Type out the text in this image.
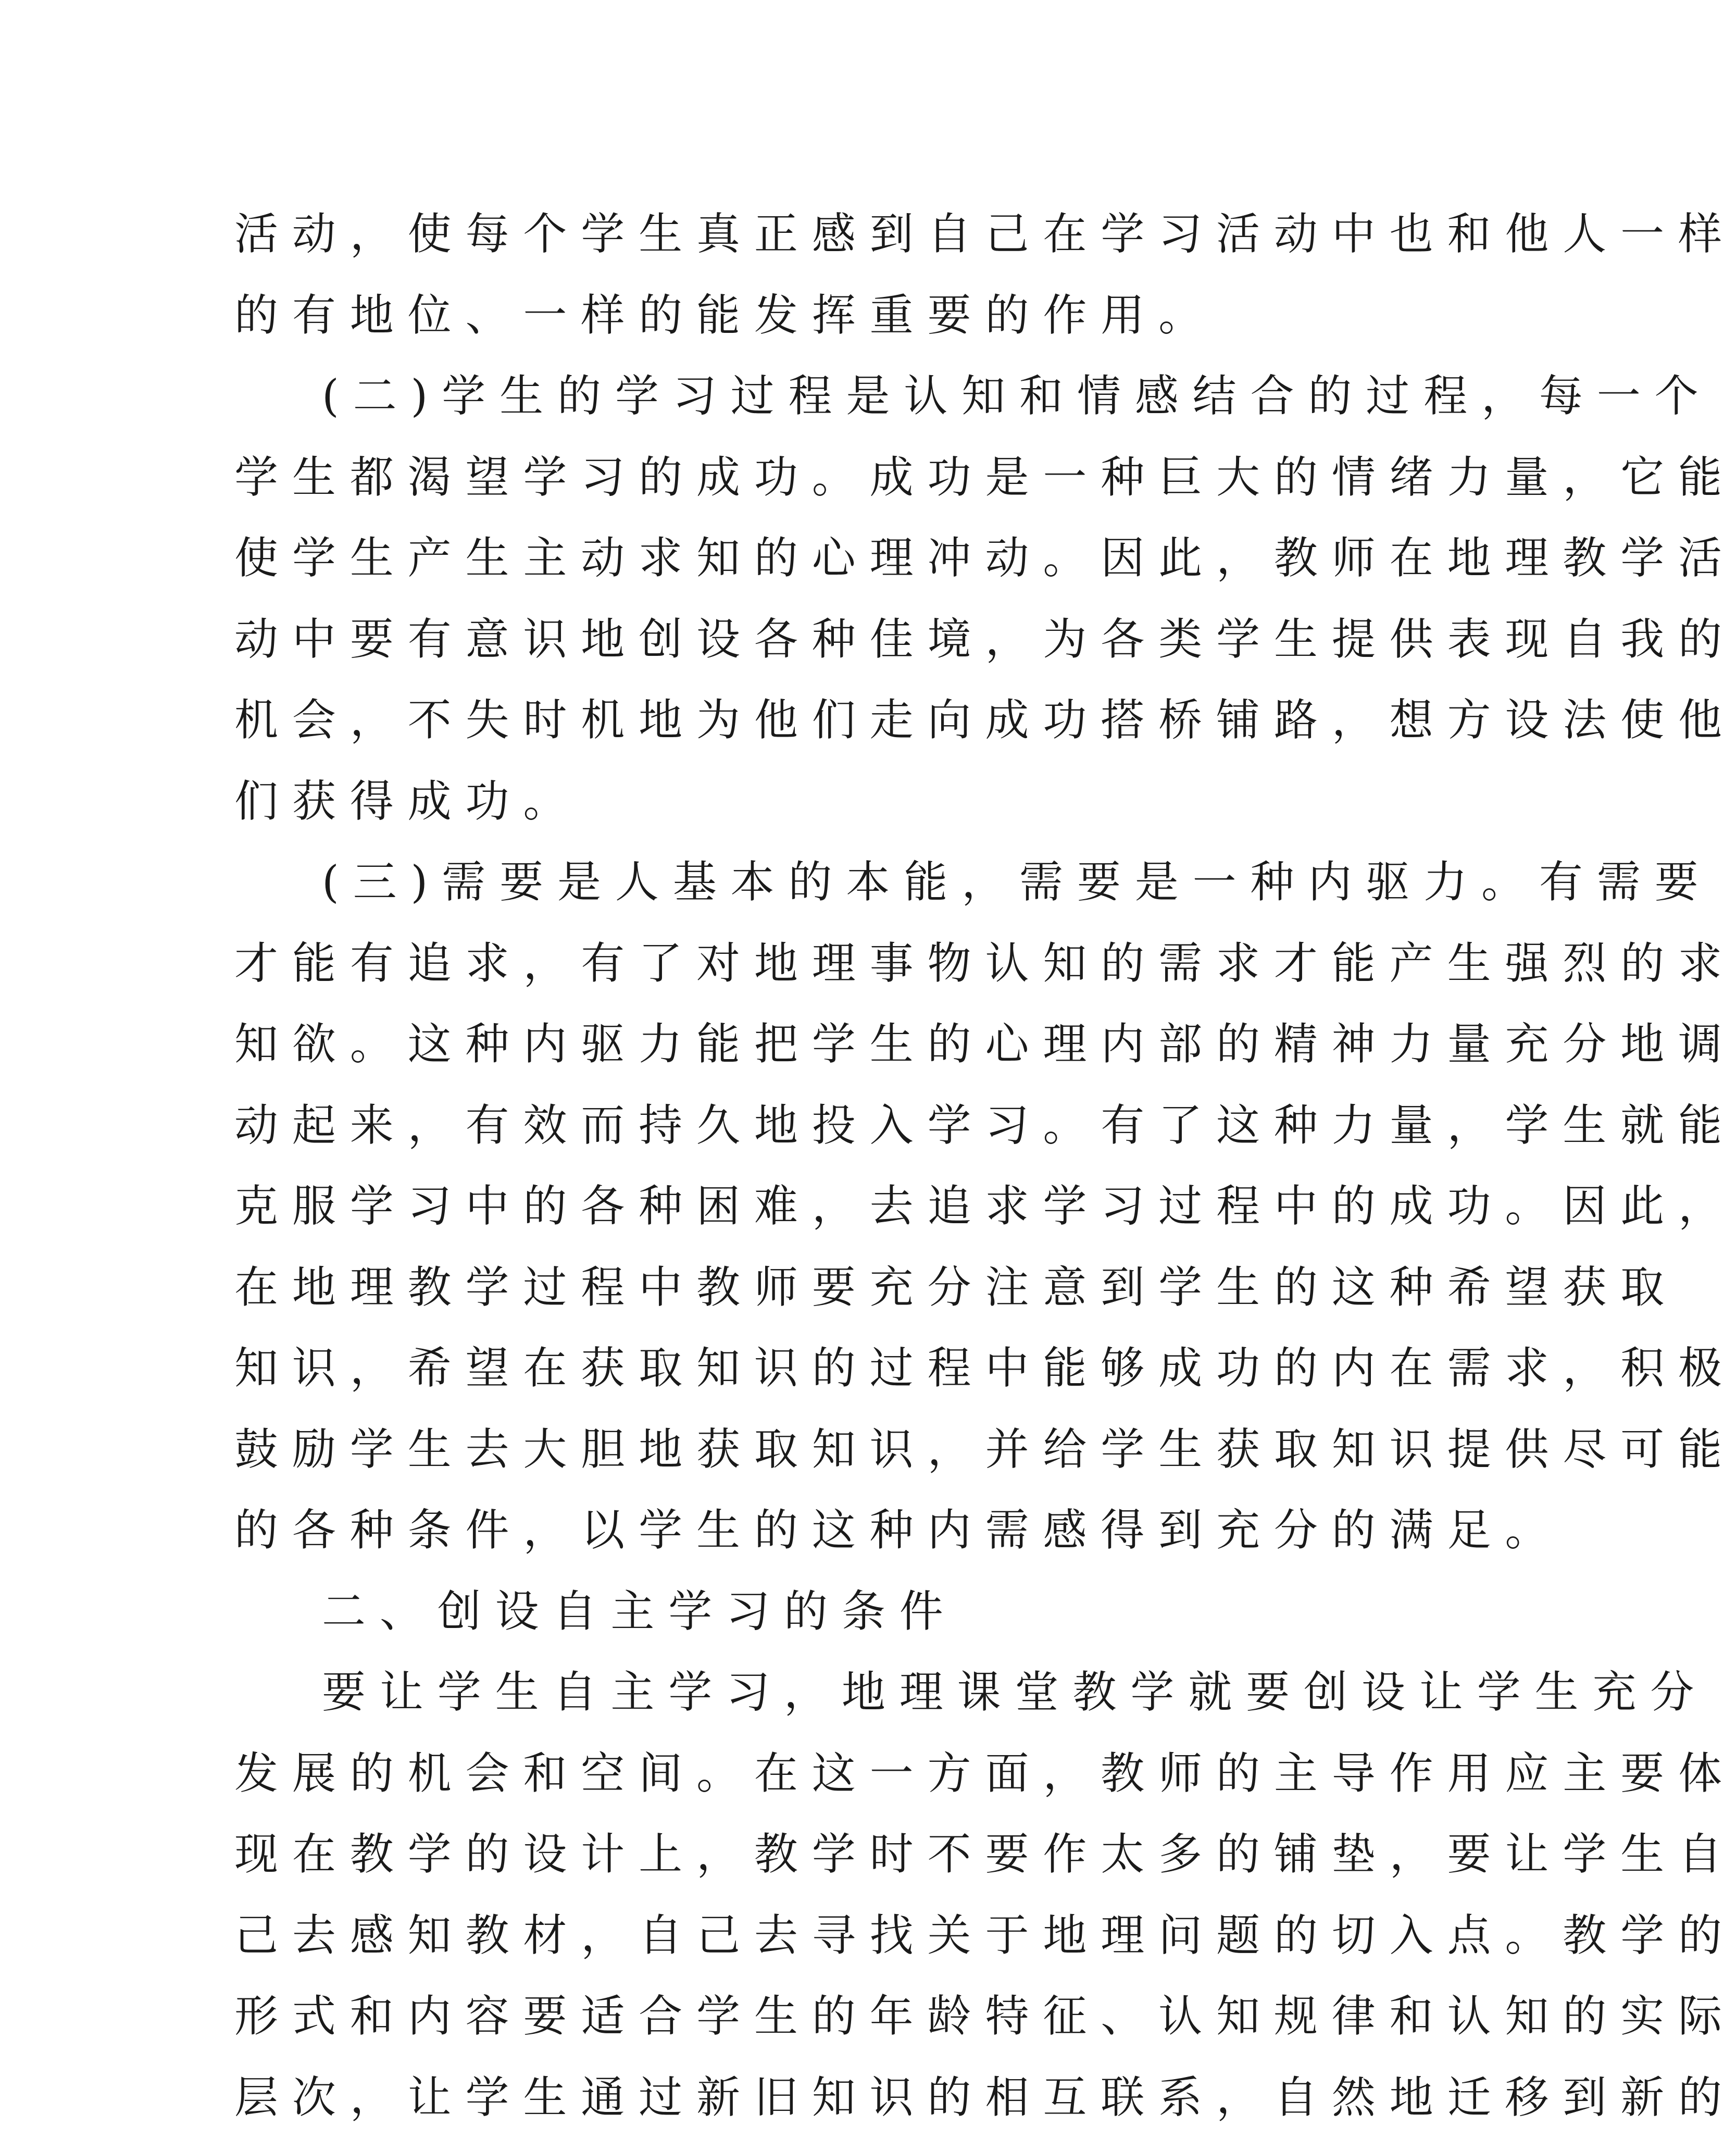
活动，使每个学生真正感到自己在学习活动中也和他人一样
的有地位、一样的能发挥重要的作用。
(二)学生的学习过程是认知和情感结合的过程，每一个
学生都渴望学习的成功。成功是一种巨大的情绪力量，它能
使学生产生主动求知的心理冲动。因此，教师在地理教学活
动中要有意识地创设各种佳境，为各类学生提供表现自我的
机会，不失时机地为他们走向成功搭桥铺路，想方设法使他
们获得成功。
(三)需要是人基本的本能，需要是一种内驱力。有需要
才能有追求，有了对地理事物认知的需求才能产生强烈的求
知欲。这种内驱力能把学生的心理内部的精神力量充分地调
动起来，有效而持久地投入学习。有了这种力量，学生就能
克服学习中的各种困难，去追求学习过程中的成功。因此，
在地理教学过程中教师要充分注意到学生的这种希望获取
知识，希望在获取知识的过程中能够成功的内在需求，积极
鼓励学生去大胆地获取知识，并给学生获取知识提供尽可能
的各种条件，以学生的这种内需感得到充分的满足。
二、创设自主学习的条件
要让学生自主学习，地理课堂教学就要创设让学生充分
发展的机会和空间。在这一方面，教师的主导作用应主要体
现在教学的设计上，教学时不要作太多的铺垫，要让学生自
己去感知教材，自己去寻找关于地理问题的切入点。教学的
形式和内容要适合学生的年龄特征、认知规律和认知的实际
层次，让学生通过新旧知识的相互联系，自然地迁移到新的
